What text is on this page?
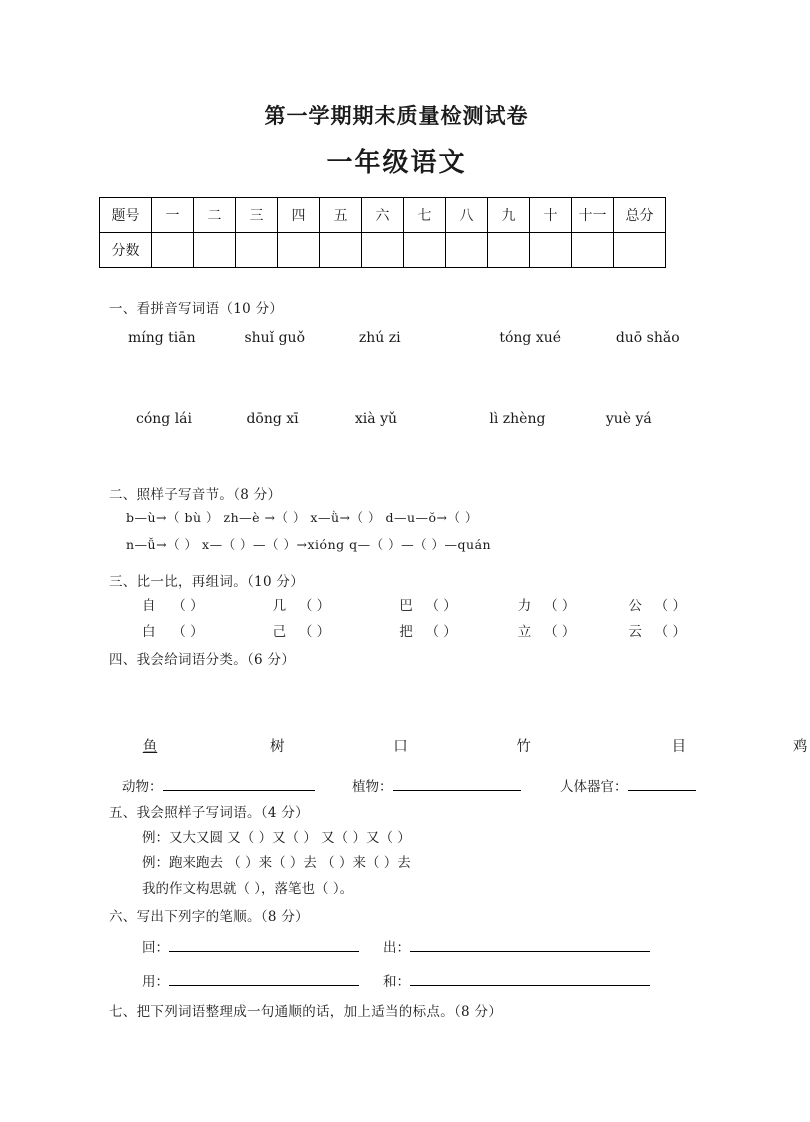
第一学期期末质量检测试卷
一年级语文
题号	一	二	三	四	五	六	七	八	九	十	十一	总分
分数												
一、看拼音写词语（10 分）
míng tiān	shuǐ guǒ	zhú zi	tóng xué	duō shǎo
cóng lái	dōng xī	xià yǔ	lì zhèng	yuè yá
二、照样子写音节。（8 分）
b—ù→（ bù ） zh—è →（ ） x—ǜ→（ ） d—u—ŏ→（ ）
n—ǚ→（ ） x—（ ）—（ ）→xióng q—（ ）—（ ）—quán
三、比一比，再组词。（10 分）
自 （ ）	几 （ ）	巴 （ ）	力 （ ）	公 （ ）
白 （ ）	己 （ ）	把 （ ）	立 （ ）	云 （ ）
四、我会给词语分类。（6 分）
鱼	树	口	竹	目	鸡
动物：	植物：	人体器官：
五、我会照样子写词语。（4 分）
例：又大又圆 又（ ）又（ ） 又（ ）又（ ）
例：跑来跑去 （ ）来（ ）去 （ ）来（ ）去
我的作文构思就（ ），落笔也（ ）。
六、写出下列字的笔顺。（8 分）
回：	出：
用：	和：
七、把下列词语整理成一句通顺的话，加上适当的标点。（8 分）
